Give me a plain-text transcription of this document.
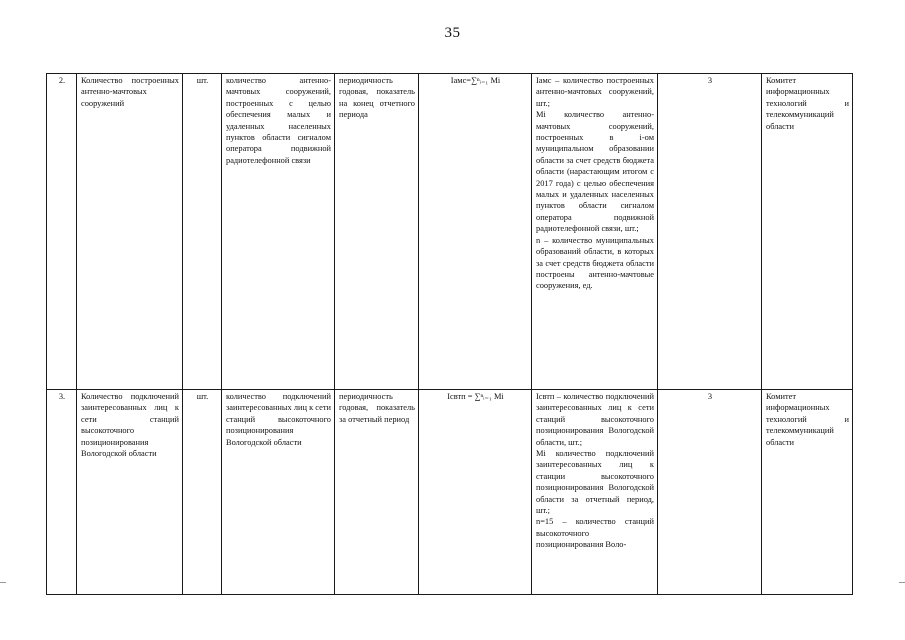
35
2.	Количество построенных антенно-мачтовых сооружений	шт.	количество антенно-мачтовых сооружений, построенных с целью обеспечения малых и удаленных населенных пунктов области сигналом оператора подвижной радиотелефонной связи	периодичность годовая, показатель на конец отчетного периода	Iамс=∑ⁿᵢ₌₁ Mi	Iамс – количество построенных антенно-мачтовых сооружений, шт.;
Mi количество антенно-мачтовых сооружений, построенных в i-ом муниципальном образовании области за счет средств бюджета области (нарастающим итогом с 2017 года) с целью обеспечения малых и удаленных населенных пунктов области сигналом оператора подвижной радиотелефонной связи, шт.;
n – количество муниципальных образований области, в которых за счет средств бюджета области построены антенно-мачтовые сооружения, ед.	3	Комитет информационных технологий и телекоммуникаций области
3.	Количество подключений заинтересованных лиц к сети станций высокоточного позиционирования Вологодской области	шт.	количество подключений заинтересованных лиц к сети станций высокоточного позиционирования Вологодской области	периодичность годовая, показатель за отчетный период	Iсвтп = ∑ⁿᵢ₌₁ Mi	Iсвтп – количество подключений заинтересованных лиц к сети станций высокоточного позиционирования Вологодской области, шт.;
Mi количество подключений заинтересованных лиц к станции высокоточного позиционирования Вологодской области за отчетный период, шт.;
n=15 – количество станций высокоточного позиционирования Воло-	3	Комитет информационных технологий и телекоммуникаций области
